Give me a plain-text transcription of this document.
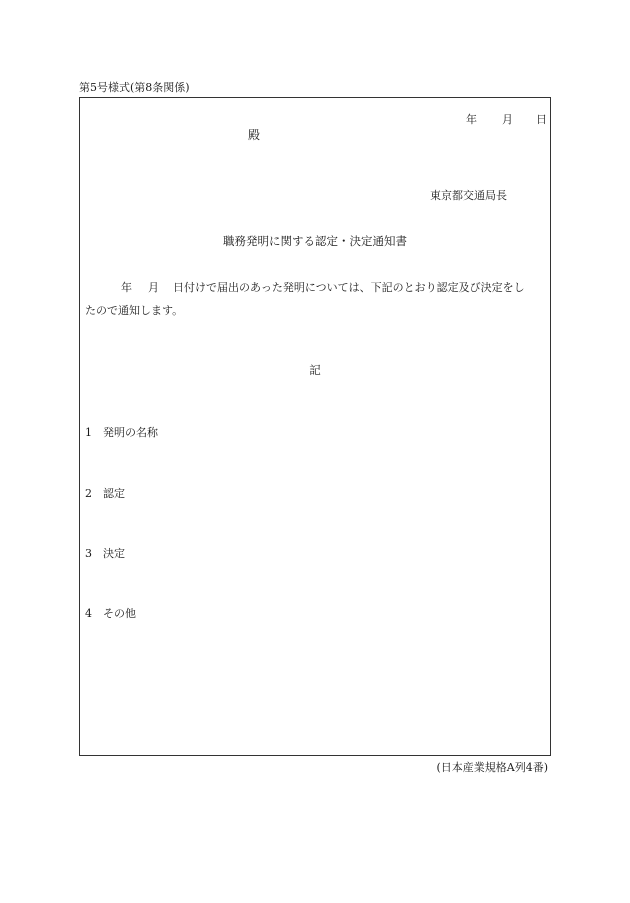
第5号様式(第8条関係)
年 月 日
殿
東京都交通局長
職務発明に関する認定・決定通知書
年 月 日付けで届出のあった発明については、下記のとおり認定及び決定をし
たので通知します。
記
1 発明の名称
2 認定
3 決定
4 その他
(日本産業規格A列4番)
